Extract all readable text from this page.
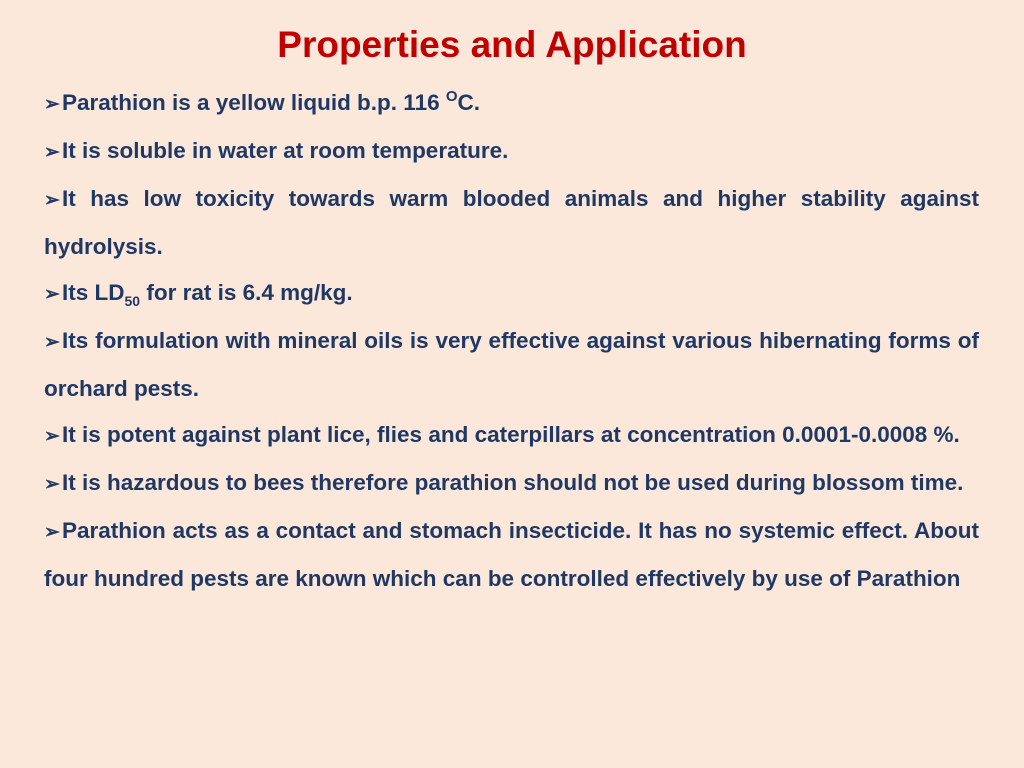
Properties and Application

➢Parathion is a yellow liquid b.p. 116 $^O$C.

➢It is soluble in water at room temperature.

➢It has low toxicity towards warm blooded animals and higher stability against hydrolysis.

➢Its $LD_{50}$ for rat is 6.4 mg/kg.

➢Its formulation with mineral oils is very effective against various hibernating forms of orchard pests.

➢It is potent against plant lice, flies and caterpillars at concentration 0.0001-0.0008 %.

➢It is hazardous to bees therefore parathion should not be used during blossom time.

➢Parathion acts as a contact and stomach insecticide. It has no systemic effect. About four hundred pests are known which can be controlled effectively by use of Parathion
